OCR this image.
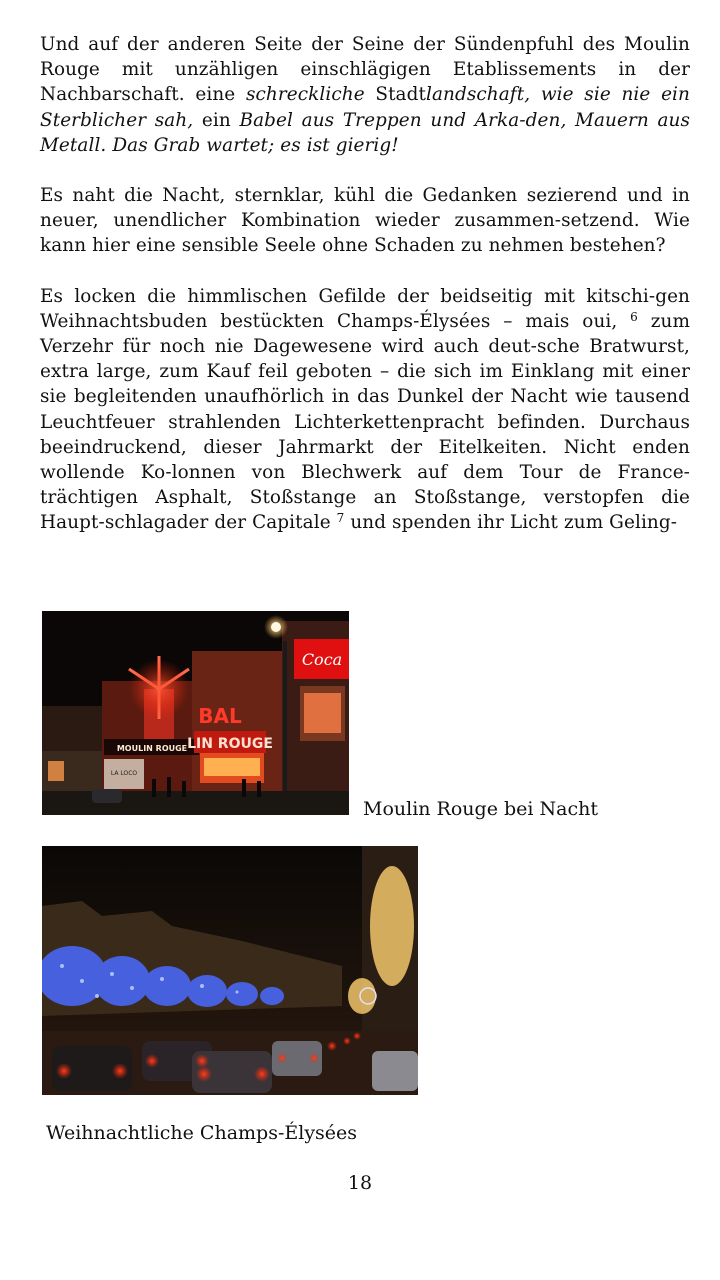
Und auf der anderen Seite der Seine der Sündenpfuhl des Moulin Rouge mit unzähligen einschlägigen Etablissements in der Nachbarschaft. eine schreckliche Stadtlandschaft, wie sie nie ein Sterblicher sah, ein Babel aus Treppen und Arka-den, Mauern aus Metall. Das Grab wartet; es ist gierig!

Es naht die Nacht, sternklar, kühl die Gedanken sezierend und in neuer, unendlicher Kombination wieder zusammen-setzend. Wie kann hier eine sensible Seele ohne Schaden zu nehmen bestehen?

Es locken die himmlischen Gefilde der beidseitig mit kitschi-gen Weihnachtsbuden bestückten Champs-Élysées – mais oui, $^6$ zum Verzehr für noch nie Dagewesene wird auch deut-sche Bratwurst, extra large, zum Kauf feil geboten – die sich im Einklang mit einer sie begleitenden unaufhörlich in das Dunkel der Nacht wie tausend Leuchtfeuer strahlenden Lichterkettenpracht befinden. Durchaus beeindruckend, dieser Jahrmarkt der Eitelkeiten. Nicht enden wollende Ko-lonnen von Blechwerk auf dem Tour de France-trächtigen Asphalt, Stoßstange an Stoßstange, verstopfen die Haupt-schlagader der Capitale $^7$ und spenden ihr Licht zum Geling-

MOULIN ROUGE
BAL
LIN ROUGE
Coca
LA LOCO
Moulin Rouge bei Nacht
Weihnachtliche Champs-Élysées
18
